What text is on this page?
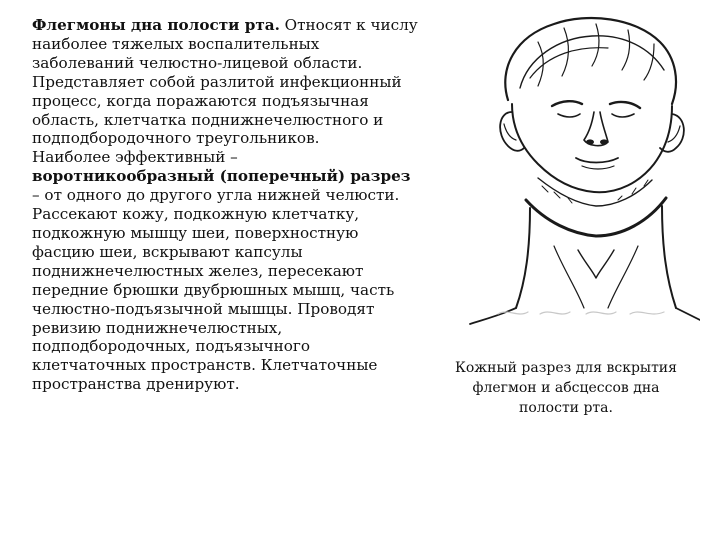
Флегмоны дна полости рта. Относят к числу наиболее тяжелых воспалительных заболеваний челюстно-лицевой области. Представляет собой разлитой инфекционный процесс, когда поражаются подъязычная область, клетчатка поднижнечелюстного и подподбородочного треугольников.

Наиболее эффективный – воротникообразный (поперечный) разрез – от одного до другого угла нижней челюсти. Рассекают кожу, подкожную клетчатку, подкожную мышцу шеи, поверхностную фасцию шеи, вскрывают капсулы поднижнечелюстных желез, пересекают передние брюшки двубрюшных мышц, часть челюстно-подъязычной мышцы. Проводят ревизию поднижнечелюстных, подподбородочных, подъязычного клетчаточных пространств. Клетчаточные пространства дренируют.

Кожный разрез для вскрытия флегмон и абсцессов дна полости рта.
